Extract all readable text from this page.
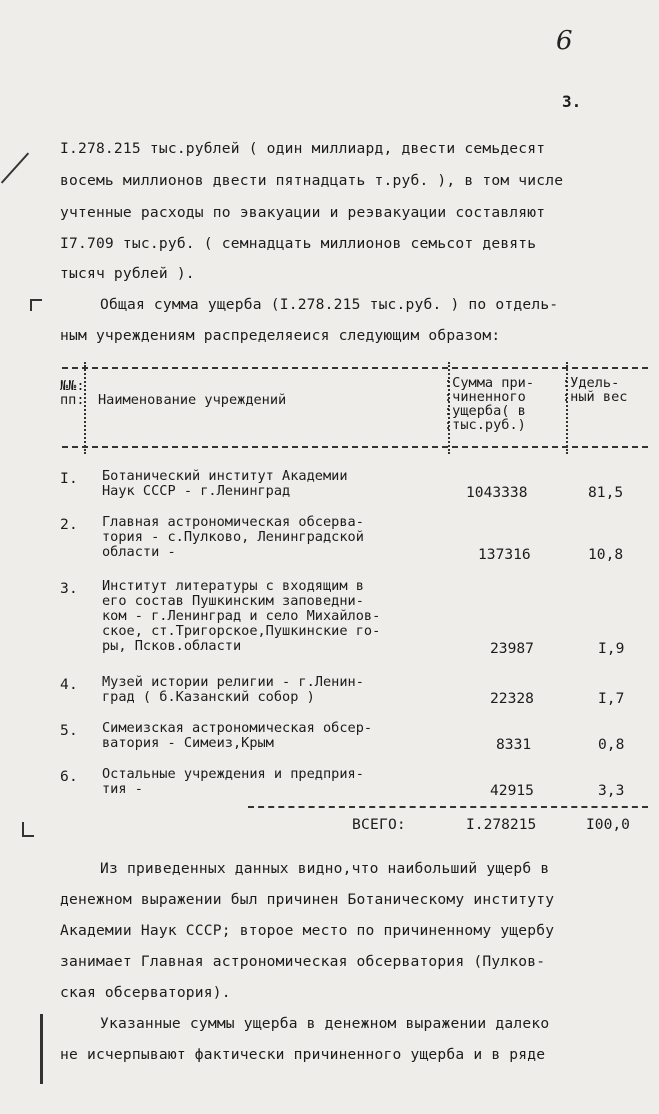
6
3.
I.278.215 тыс.рублей ( один миллиард, двести семьдесят
восемь миллионов двести пятнадцать т.руб. ), в том числе
учтенные расходы по эвакуации и реэвакуации составляют
I7.709 тыс.руб. ( семнадцать миллионов семьсот девять
тысяч рублей ).
Общая сумма ущерба (I.278.215 тыс.руб. ) по отдель-
ным учреждениям распределяеися следующим образом:
№№:
пп: Наименование учреждений
:Сумма при-
:чиненного
:ущерба( в
:тыс.руб.)
:Удель-
:ный вес
I. Ботанический институт Академии
Наук СССР - г.Ленинград	1043338	81,5
2. Главная астрономическая обсерва-
тория - с.Пулково, Ленинградской
области -	137316	10,8
3. Институт литературы с входящим в
его состав Пушкинским заповедни-
ком - г.Ленинград и село Михайлов-
ское, ст.Тригорское,Пушкинские го-
ры, Псков.области	23987	I,9
4. Музей истории религии - г.Ленин-
град ( б.Казанский собор )	22328	I,7
5. Симеизская астрономическая обсер-
ватория - Симеиз,Крым	8331	0,8
6. Остальные учреждения и предприя-
тия -	42915	3,3
ВСЕГО:	I.278215	I00,0
Из приведенных данных видно,что наибольший ущерб в
денежном выражении был причинен Ботаническому институту
Академии Наук СССР; второе место по причиненному ущербу
занимает Главная астрономическая обсерватория (Пулков-
ская обсерватория).
Указанные суммы ущерба в денежном выражении далеко
не исчерпывают фактически причиненного ущерба и в ряде
